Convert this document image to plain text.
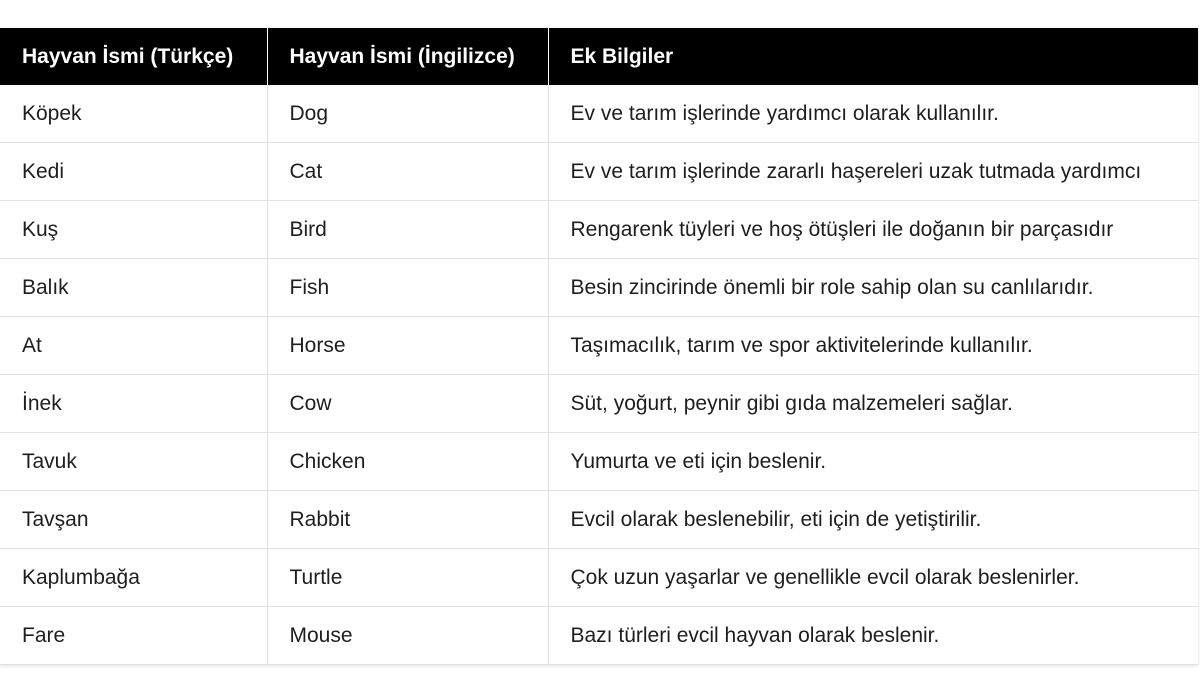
Hayvan İsmi (Türkçe)	Hayvan İsmi (İngilizce)	Ek Bilgiler
Köpek	Dog	Ev ve tarım işlerinde yardımcı olarak kullanılır.
Kedi	Cat	Ev ve tarım işlerinde zararlı haşereleri uzak tutmada yardımcı
Kuş	Bird	Rengarenk tüyleri ve hoş ötüşleri ile doğanın bir parçasıdır
Balık	Fish	Besin zincirinde önemli bir role sahip olan su canlılarıdır.
At	Horse	Taşımacılık, tarım ve spor aktivitelerinde kullanılır.
İnek	Cow	Süt, yoğurt, peynir gibi gıda malzemeleri sağlar.
Tavuk	Chicken	Yumurta ve eti için beslenir.
Tavşan	Rabbit	Evcil olarak beslenebilir, eti için de yetiştirilir.
Kaplumbağa	Turtle	Çok uzun yaşarlar ve genellikle evcil olarak beslenirler.
Fare	Mouse	Bazı türleri evcil hayvan olarak beslenir.
